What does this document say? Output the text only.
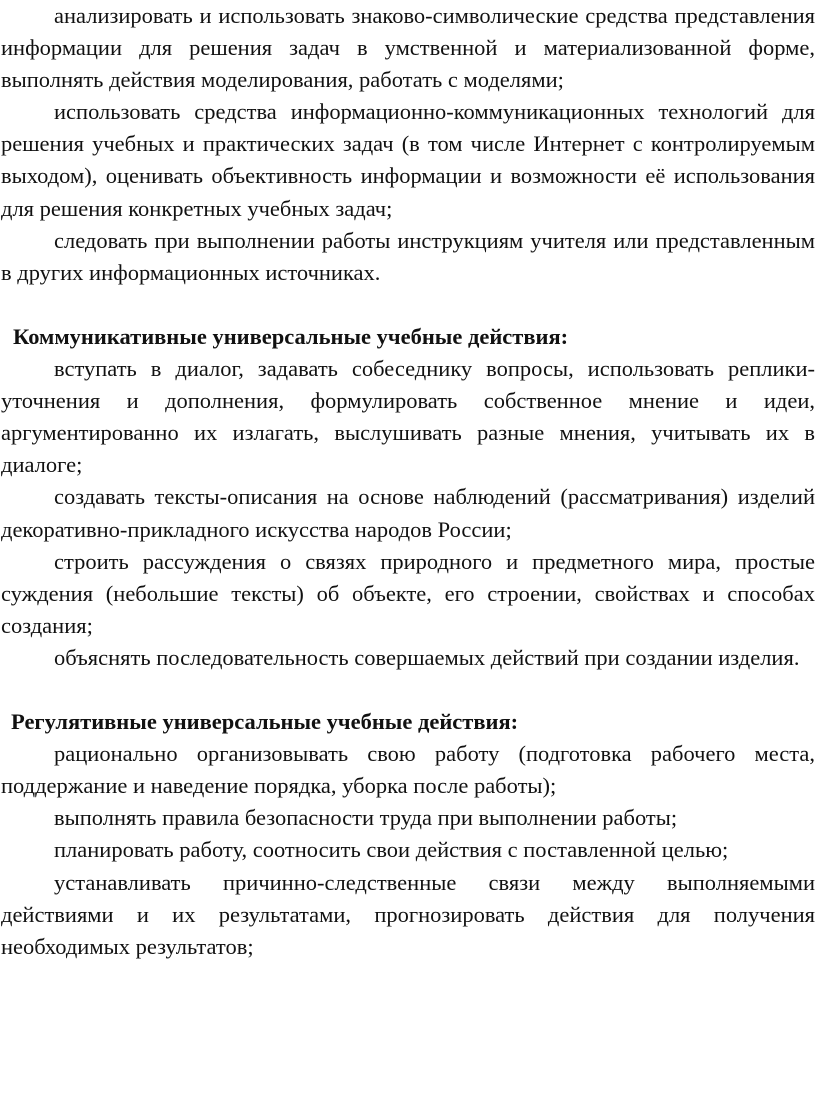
анализировать и использовать знаково-символические средства представления информации для решения задач в умственной и материализованной форме, выполнять действия моделирования, работать с моделями;

использовать средства информационно-коммуникационных технологий для решения учебных и практических задач (в том числе Интернет с контролируемым выходом), оценивать объективность информации и возможности её использования для решения конкретных учебных задач;

следовать при выполнении работы инструкциям учителя или представленным в других информационных источниках.

Коммуникативные универсальные учебные действия:

вступать в диалог, задавать собеседнику вопросы, использовать реплики-уточнения и дополнения, формулировать собственное мнение и идеи, аргументированно их излагать, выслушивать разные мнения, учитывать их в диалоге;

создавать тексты-описания на основе наблюдений (рассматривания) изделий декоративно-прикладного искусства народов России;

строить рассуждения о связях природного и предметного мира, простые суждения (небольшие тексты) об объекте, его строении, свойствах и способах создания;

объяснять последовательность совершаемых действий при создании изделия.

Регулятивные универсальные учебные действия:

рационально организовывать свою работу (подготовка рабочего места, поддержание и наведение порядка, уборка после работы);

выполнять правила безопасности труда при выполнении работы;

планировать работу, соотносить свои действия с поставленной целью;

устанавливать причинно-следственные связи между выполняемыми действиями и их результатами, прогнозировать действия для получения необходимых результатов;
